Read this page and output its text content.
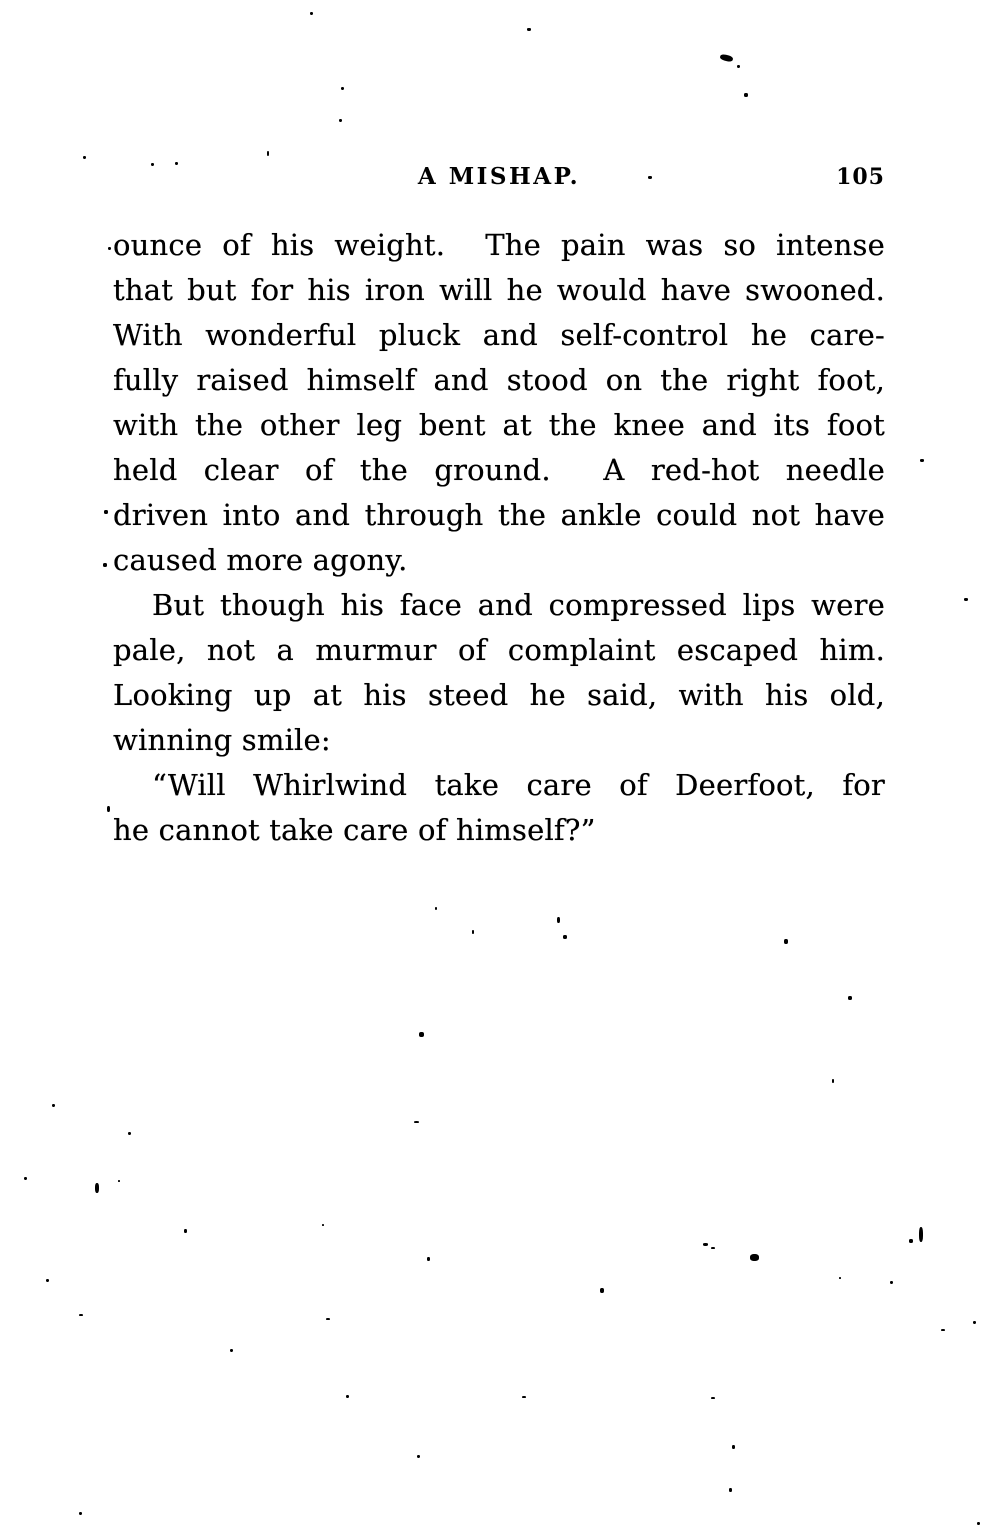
A MISHAP.	105
ounce of his weight.  The pain was so intense
that but for his iron will he would have swooned.
With wonderful pluck and self-control he care-
fully raised himself and stood on the right foot,
with the other leg bent at the knee and its foot
held clear of the ground.  A red-hot needle
driven into and through the ankle could not have
caused more agony.
But though his face and compressed lips were
pale, not a murmur of complaint escaped him.
Looking up at his steed he said, with his old,
winning smile:
“Will Whirlwind take care of Deerfoot, for
he cannot take care of himself?”
